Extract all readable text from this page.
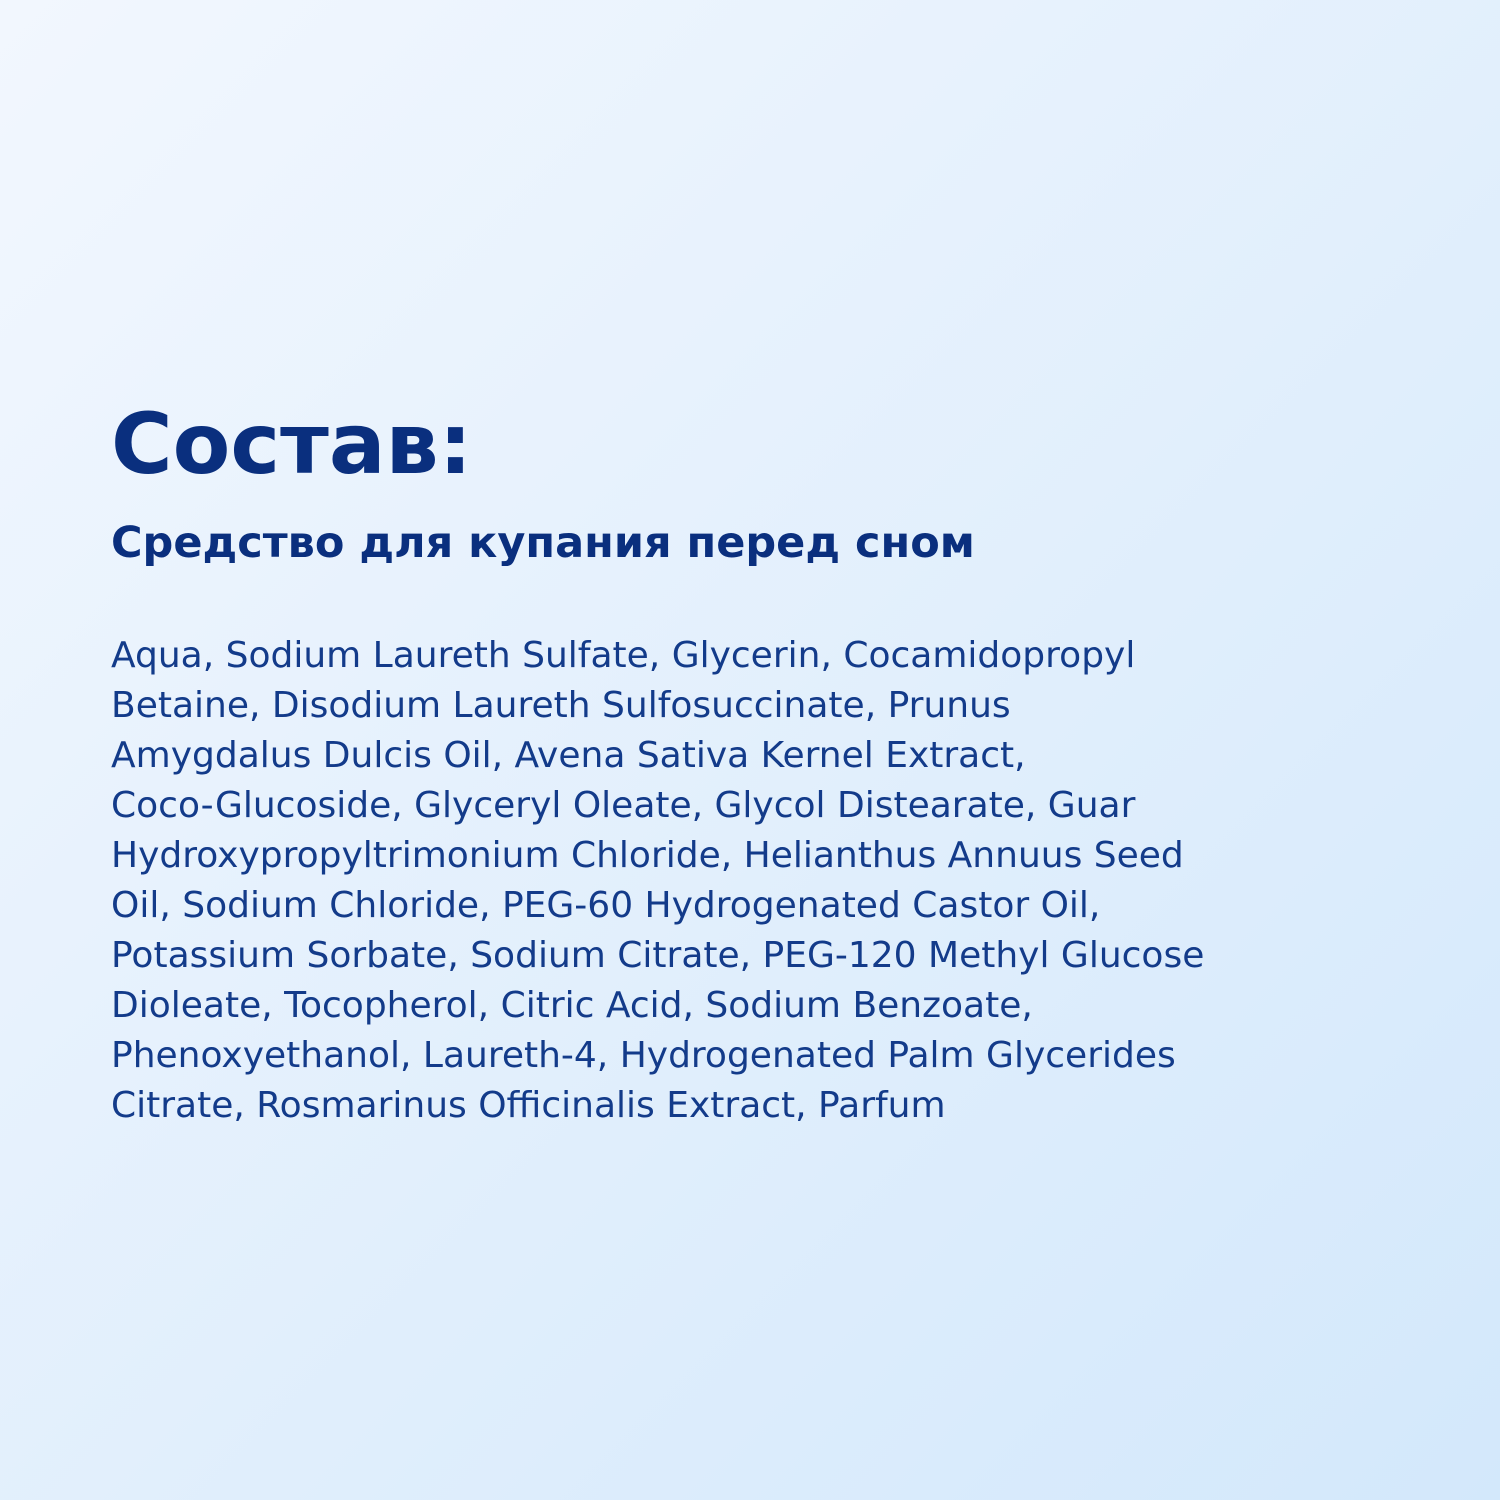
Состав:
Средство для купания перед сном

Aqua, Sodium Laureth Sulfate, Glycerin, Cocamidopropyl
Betaine, Disodium Laureth Sulfosuccinate, Prunus
Amygdalus Dulcis Oil, Avena Sativa Kernel Extract,
Coco-Glucoside, Glyceryl Oleate, Glycol Distearate, Guar
Hydroxypropyltrimonium Chloride, Helianthus Annuus Seed
Oil, Sodium Chloride, PEG-60 Hydrogenated Castor Oil,
Potassium Sorbate, Sodium Citrate, PEG-120 Methyl Glucose
Dioleate, Tocopherol, Citric Acid, Sodium Benzoate,
Phenoxyethanol, Laureth-4, Hydrogenated Palm Glycerides
Citrate, Rosmarinus Officinalis Extract, Parfum
